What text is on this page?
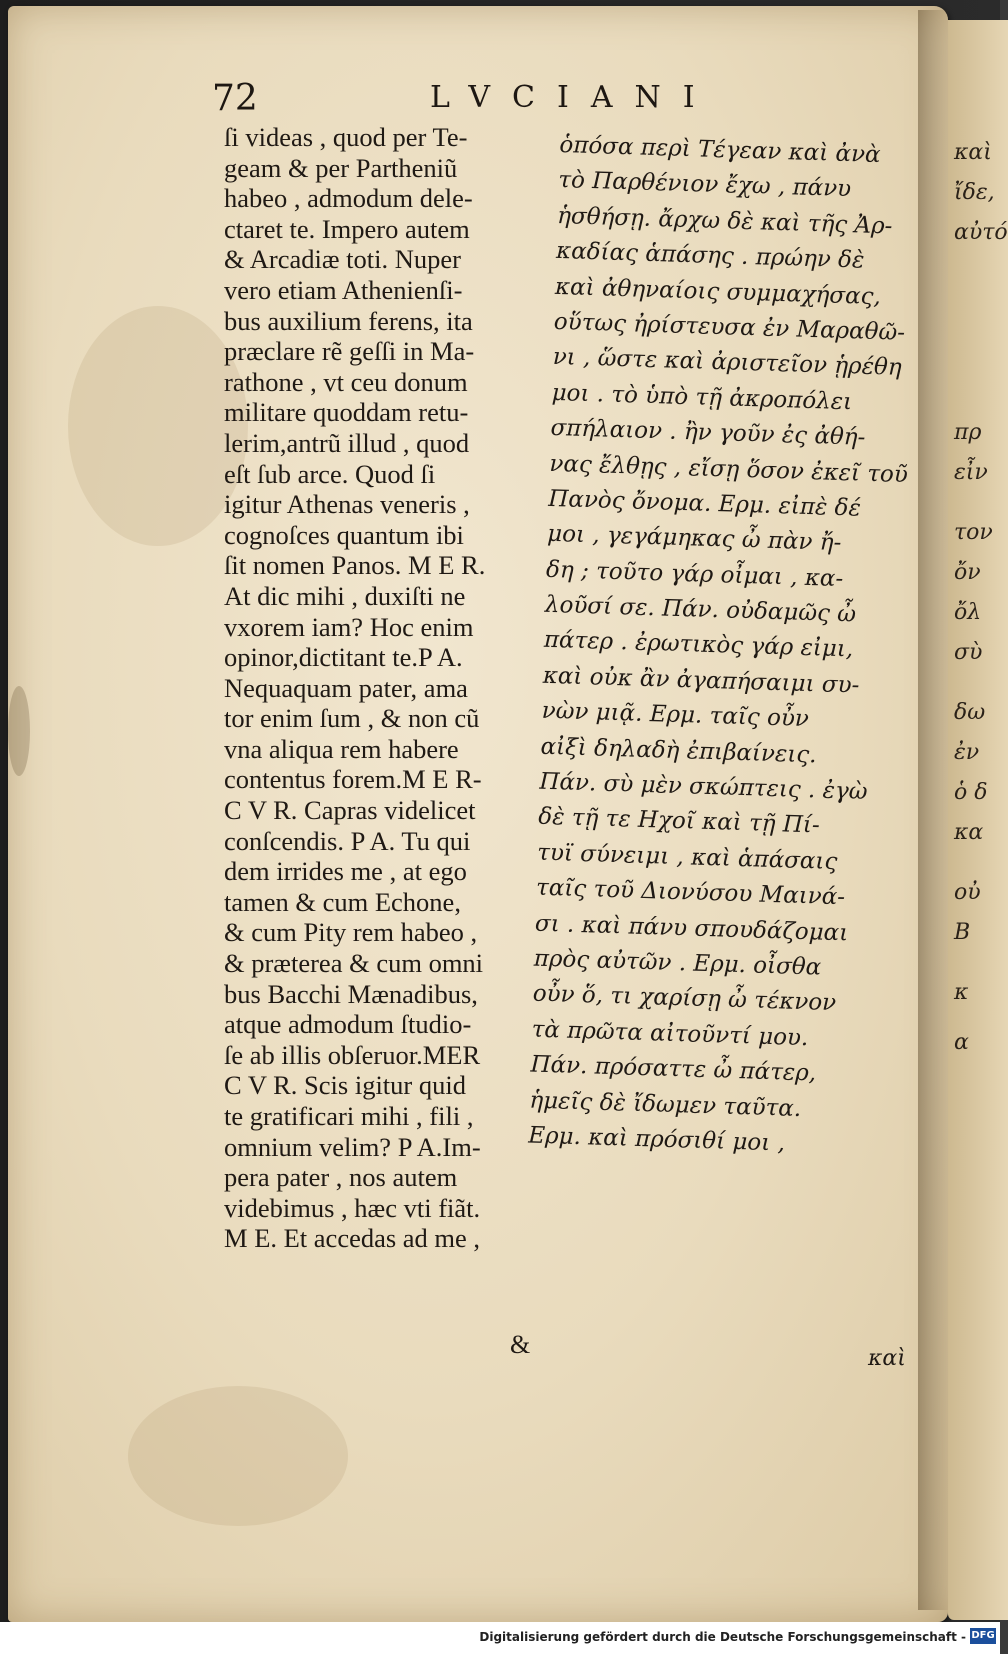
καὶ
ἴδε,
αὐτό
πρ
εἶν
τον
ὄν
ὄλ
σὺ
δω
ἐν
ὁ δ
κα
οὐ
Β
κ
α
72	LVCIANI
ſi videas , quod per Te-
geam & per Partheniũ
habeo , admodum dele-
ctaret te. Impero autem
& Arcadiæ toti. Nuper
vero etiam Athenienſi-
bus auxilium ferens, ita
præclare rẽ geſſi in Ma-
rathone , vt ceu donum
militare quoddam retu-
lerim,antrũ illud , quod
eſt ſub arce. Quod ſi
igitur Athenas veneris ,
cognoſces quantum ibi
ſit nomen Panos. M E R.
At dic mihi , duxiſti ne
vxorem iam? Hoc enim
opinor,dictitant te.P A.
Nequaquam pater, ama
tor enim ſum , & non cũ
vna aliqua rem habere
contentus forem.M E R-
C V R. Capras videlicet
conſcendis. P A. Tu qui
dem irrides me , at ego
tamen & cum Echone,
& cum Pity rem habeo ,
& præterea & cum omni
bus Bacchi Mænadibus,
atque admodum ſtudio-
ſe ab illis obſeruor.MER
C V R. Scis igitur quid
te gratificari mihi , fili ,
omnium velim? P A.Im-
pera pater , nos autem
videbimus , hæc vti fiãt.
M E. Et accedas ad me ,
&
ὁπόσα περὶ Τέγεαν καὶ ἀνὰ
τὸ Παρθένιον ἔχω , πάνυ
ἡσθήσῃ. ἄρχω δὲ καὶ τῆς Ἀρ-
καδίας ἁπάσης . πρώην δὲ
καὶ ἀθηναίοις συμμαχήσας,
οὕτως ἠρίστευσα ἐν Μαραθῶ-
νι , ὥστε καὶ ἀριστεῖον ᾑρέθη
μοι . τὸ ὑπὸ τῇ ἀκροπόλει
σπήλαιον . ἢν γοῦν ἐς ἀθή-
νας ἔλθῃς , εἴσῃ ὅσον ἐκεῖ τοῦ
Πανὸς ὄνομα. Ερμ. εἰπὲ δέ
μοι , γεγάμηκας ὦ πὰν ἤ-
δη ; τοῦτο γάρ οἶμαι , κα-
λοῦσί σε. Πάν. οὐδαμῶς ὦ
πάτερ . ἐρωτικὸς γάρ εἰμι,
καὶ οὐκ ἂν ἀγαπήσαιμι συ-
νὼν μιᾷ. Ερμ. ταῖς οὖν
αἰξὶ δηλαδὴ ἐπιβαίνεις.
Πάν. σὺ μὲν σκώπτεις . ἐγὼ
δὲ τῇ τε Ηχοῖ καὶ τῇ Πί-
τυϊ σύνειμι , καὶ ἁπάσαις
ταῖς τοῦ Διονύσου Μαινά-
σι . καὶ πάνυ σπουδάζομαι
πρὸς αὐτῶν . Ερμ. οἶσθα
οὖν ὅ, τι χαρίσῃ ὦ τέκνον
τὰ πρῶτα αἰτοῦντί μου.
Πάν. πρόσαττε ὦ πάτερ,
ἡμεῖς δὲ ἴδωμεν ταῦτα.
Ερμ. καὶ πρόσιθί μοι ,
καὶ
Digitalisierung gefördert durch die Deutsche Forschungsgemeinschaft - DFG
